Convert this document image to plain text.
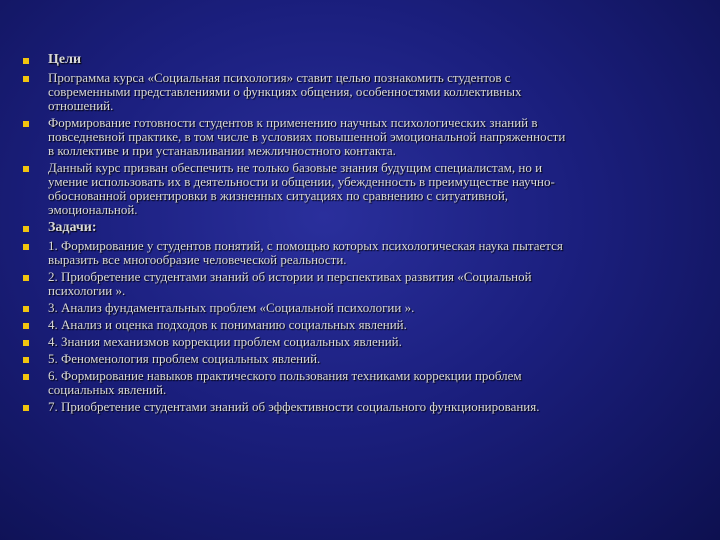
Цели
Программа курса «Социальная психология» ставит целью познакомить студентов с
современными представлениями о функциях общения, особенностями коллективных
отношений.
Формирование готовности студентов к применению научных психологических знаний в
повседневной практике, в том числе в условиях повышенной эмоциональной напряженности
в коллективе и при устанавливании межличностного контакта.
Данный курс призван обеспечить не только базовые знания будущим специалистам, но и
умение использовать их в деятельности и общении, убежденность в преимуществе научно-
обоснованной ориентировки в жизненных ситуациях по сравнению с ситуативной,
эмоциональной.
Задачи:
1. Формирование у студентов понятий, с помощью которых психологическая наука пытается
выразить все многообразие человеческой реальности.
2. Приобретение студентами знаний об истории и перспективах развития «Социальной
психологии ».
3. Анализ фундаментальных проблем «Социальной психологии ».
4. Анализ и оценка подходов к пониманию социальных явлений.
4. Знания механизмов коррекции проблем социальных явлений.
5. Феноменология проблем социальных явлений.
6. Формирование навыков практического пользования техниками коррекции проблем
социальных явлений.
7. Приобретение студентами знаний об эффективности социального функционирования.
